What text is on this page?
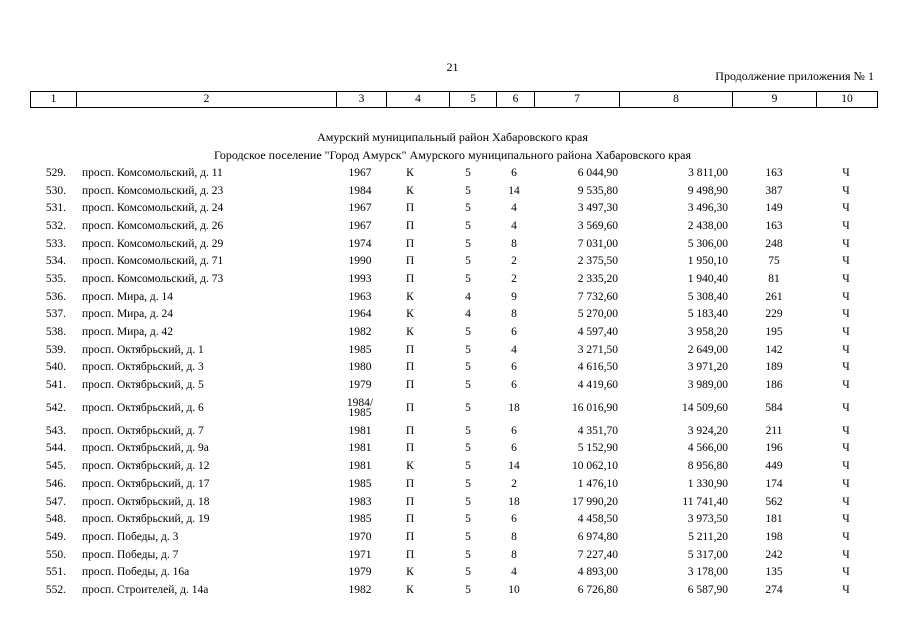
21
Продолжение приложения № 1
1	2	3	4	5	6	7	8	9	10
Амурский муниципальный район Хабаровского края
Городское поселение "Город Амурск" Амурского муниципального района Хабаровского края
529. просп. Комсомольский, д. 11	1967	К	5	6	6 044,90	3 811,00	163	Ч
530. просп. Комсомольский, д. 23	1984	К	5	14	9 535,80	9 498,90	387	Ч
531. просп. Комсомольский, д. 24	1967	П	5	4	3 497,30	3 496,30	149	Ч
532. просп. Комсомольский, д. 26	1967	П	5	4	3 569,60	2 438,00	163	Ч
533. просп. Комсомольский, д. 29	1974	П	5	8	7 031,00	5 306,00	248	Ч
534. просп. Комсомольский, д. 71	1990	П	5	2	2 375,50	1 950,10	75	Ч
535. просп. Комсомольский, д. 73	1993	П	5	2	2 335,20	1 940,40	81	Ч
536. просп. Мира, д. 14	1963	К	4	9	7 732,60	5 308,40	261	Ч
537. просп. Мира, д. 24	1964	К	4	8	5 270,00	5 183,40	229	Ч
538. просп. Мира, д. 42	1982	К	5	6	4 597,40	3 958,20	195	Ч
539. просп. Октябрьский, д. 1	1985	П	5	4	3 271,50	2 649,00	142	Ч
540. просп. Октябрьский, д. 3	1980	П	5	6	4 616,50	3 971,20	189	Ч
541. просп. Октябрьский, д. 5	1979	П	5	6	4 419,60	3 989,00	186	Ч
542. просп. Октябрьский, д. 6	1984/ 1985	П	5	18	16 016,90	14 509,60	584	Ч
543. просп. Октябрьский, д. 7	1981	П	5	6	4 351,70	3 924,20	211	Ч
544. просп. Октябрьский, д. 9а	1981	П	5	6	5 152,90	4 566,00	196	Ч
545. просп. Октябрьский, д. 12	1981	К	5	14	10 062,10	8 956,80	449	Ч
546. просп. Октябрьский, д. 17	1985	П	5	2	1 476,10	1 330,90	174	Ч
547. просп. Октябрьский, д. 18	1983	П	5	18	17 990,20	11 741,40	562	Ч
548. просп. Октябрьский, д. 19	1985	П	5	6	4 458,50	3 973,50	181	Ч
549. просп. Победы, д. 3	1970	П	5	8	6 974,80	5 211,20	198	Ч
550. просп. Победы, д. 7	1971	П	5	8	7 227,40	5 317,00	242	Ч
551. просп. Победы, д. 16а	1979	К	5	4	4 893,00	3 178,00	135	Ч
552. просп. Строителей, д. 14а	1982	К	5	10	6 726,80	6 587,90	274	Ч
